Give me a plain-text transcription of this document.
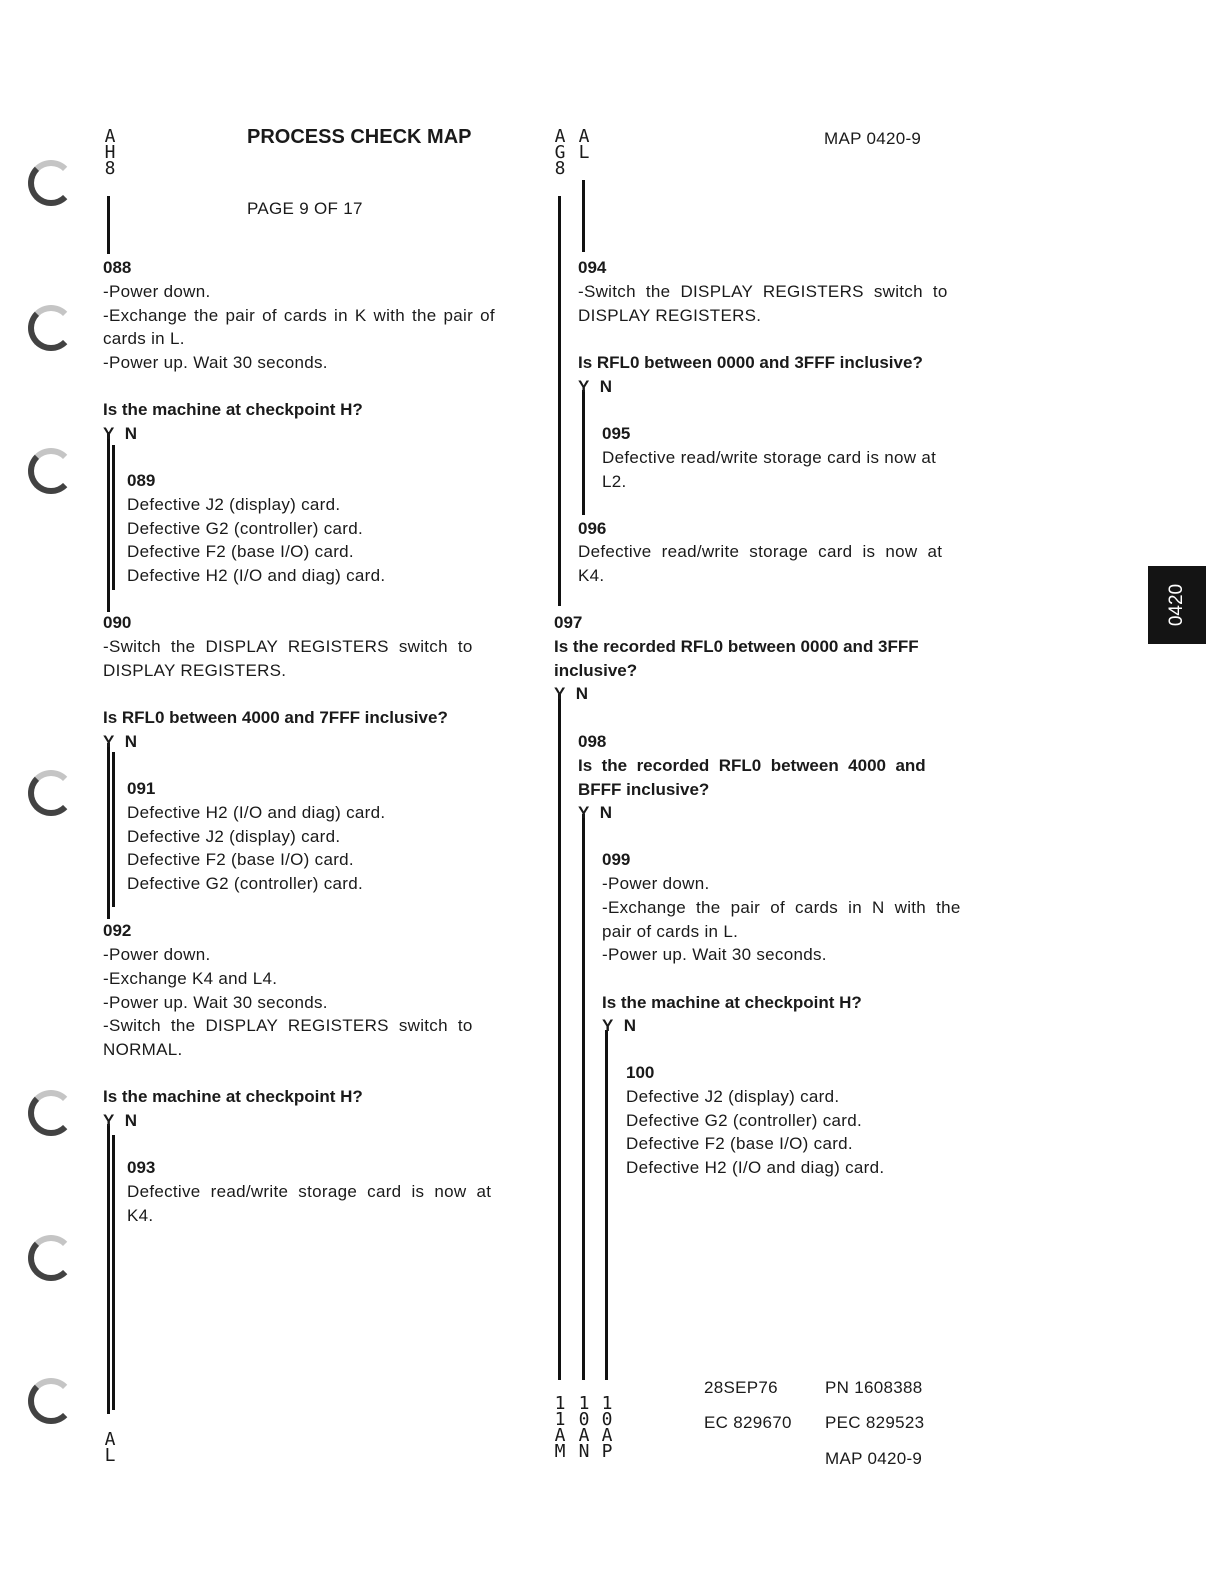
0420
PROCESS CHECK MAP
PAGE 9 OF 17
MAP 0420-9
A
H
8
A
G
8
A
L
088
-Power down.
-Exchange the pair of cards in K with the pair of
cards in L.
-Power up. Wait 30 seconds.
Is the machine at checkpoint H?
Y N
089
Defective J2 (display) card.
Defective G2 (controller) card.
Defective F2 (base I/O) card.
Defective H2 (I/O and diag) card.
090
-Switch  the  DISPLAY  REGISTERS  switch  to
DISPLAY REGISTERS.
Is RFL0 between 4000 and 7FFF inclusive?
Y N
091
Defective H2 (I/O and diag) card.
Defective J2 (display) card.
Defective F2 (base I/O) card.
Defective G2 (controller) card.
092
-Power down.
-Exchange K4 and L4.
-Power up. Wait 30 seconds.
-Switch  the  DISPLAY  REGISTERS  switch  to
NORMAL.
Is the machine at checkpoint H?
Y N
093
Defective  read/write  storage  card  is  now  at
K4.
A
L
094
-Switch  the  DISPLAY  REGISTERS  switch  to
DISPLAY REGISTERS.
Is RFL0 between 0000 and 3FFF inclusive?
Y N
095
Defective read/write storage card is now at
L2.
096
Defective  read/write  storage  card  is  now  at
K4.
097
Is the recorded RFL0 between 0000 and 3FFF
inclusive?
Y N
098
Is  the  recorded  RFL0  between  4000  and
BFFF inclusive?
Y N
099
-Power down.
-Exchange  the  pair  of  cards  in  N  with  the
pair of cards in L.
-Power up. Wait 30 seconds.
Is the machine at checkpoint H?
Y N
100
Defective J2 (display) card.
Defective G2 (controller) card.
Defective F2 (base I/O) card.
Defective H2 (I/O and diag) card.
1
1
A
M
1
0
A
N
1
0
A
P
28SEP76	PN 1608388
EC 829670 PEC 829523
MAP 0420-9
